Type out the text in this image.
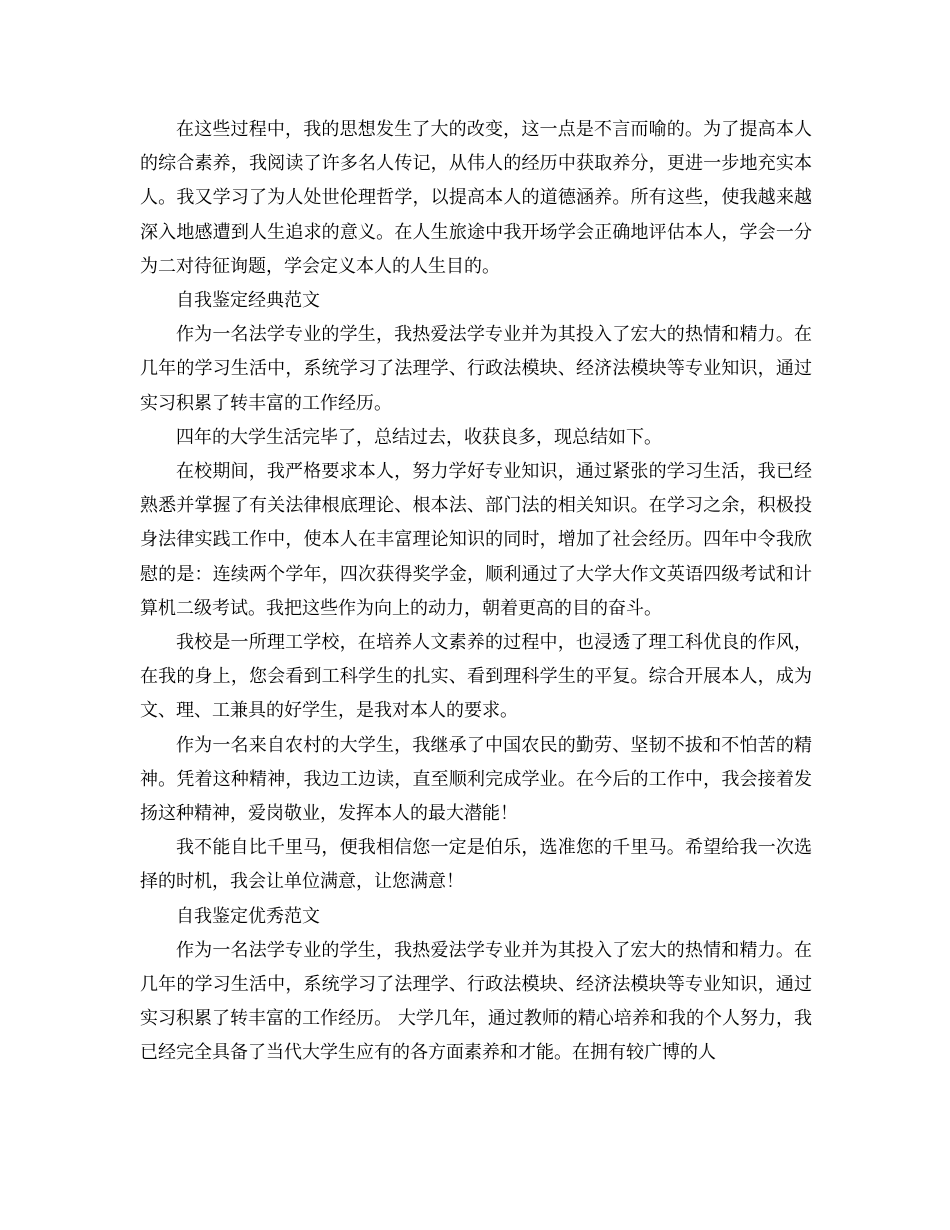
在这些过程中，我的思想发生了大的改变，这一点是不言而喻的。为了提高本人的综合素养，我阅读了许多名人传记，从伟人的经历中获取养分，更进一步地充实本人。我又学习了为人处世伦理哲学，以提高本人的道德涵养。所有这些，使我越来越深入地感遭到人生追求的意义。在人生旅途中我开场学会正确地评估本人，学会一分为二对待征询题，学会定义本人的人生目的。

自我鉴定经典范文

作为一名法学专业的学生，我热爱法学专业并为其投入了宏大的热情和精力。在几年的学习生活中，系统学习了法理学、行政法模块、经济法模块等专业知识，通过实习积累了转丰富的工作经历。

四年的大学生活完毕了，总结过去，收获良多，现总结如下。

在校期间，我严格要求本人，努力学好专业知识，通过紧张的学习生活，我已经熟悉并掌握了有关法律根底理论、根本法、部门法的相关知识。在学习之余，积极投身法律实践工作中，使本人在丰富理论知识的同时，增加了社会经历。四年中令我欣慰的是：连续两个学年，四次获得奖学金，顺利通过了大学大作文英语四级考试和计算机二级考试。我把这些作为向上的动力，朝着更高的目的奋斗。

我校是一所理工学校，在培养人文素养的过程中，也浸透了理工科优良的作风，在我的身上，您会看到工科学生的扎实、看到理科学生的平复。综合开展本人，成为文、理、工兼具的好学生，是我对本人的要求。

作为一名来自农村的大学生，我继承了中国农民的勤劳、坚韧不拔和不怕苦的精神。凭着这种精神，我边工边读，直至顺利完成学业。在今后的工作中，我会接着发扬这种精神，爱岗敬业，发挥本人的最大潜能！

我不能自比千里马，便我相信您一定是伯乐，选准您的千里马。希望给我一次选择的时机，我会让单位满意，让您满意！

自我鉴定优秀范文

作为一名法学专业的学生，我热爱法学专业并为其投入了宏大的热情和精力。在几年的学习生活中，系统学习了法理学、行政法模块、经济法模块等专业知识，通过实习积累了转丰富的工作经历。 大学几年，通过教师的精心培养和我的个人努力，我已经完全具备了当代大学生应有的各方面素养和才能。在拥有较广博的人
